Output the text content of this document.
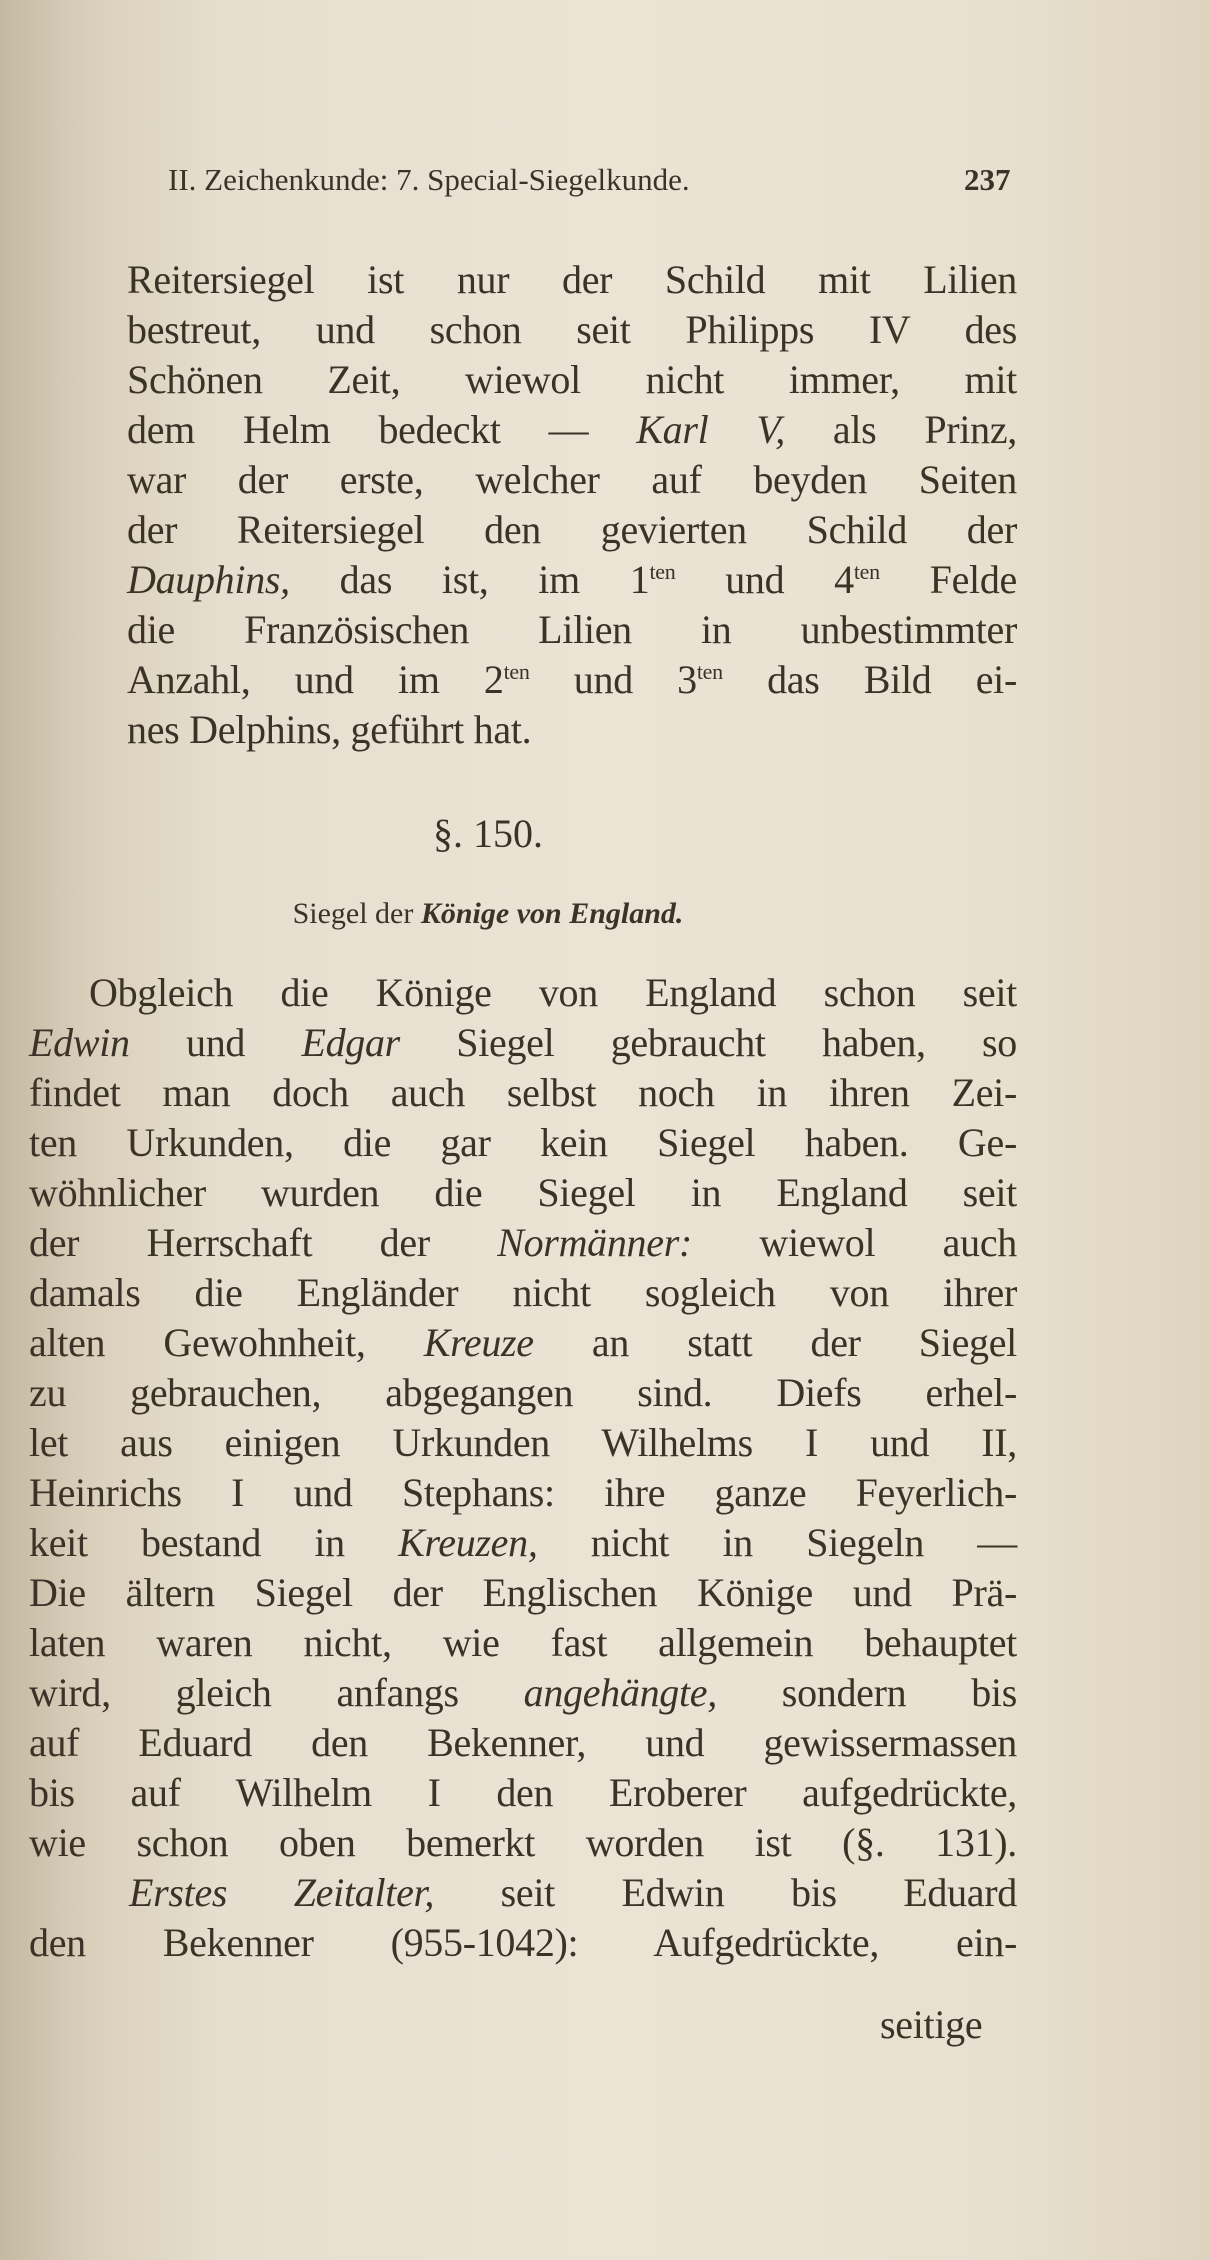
II. Zeichenkunde: 7. Special-Siegelkunde.	237
Reitersiegel ist nur der Schild mit Lilien
bestreut, und schon seit Philipps IV des
Schönen Zeit, wiewol nicht immer, mit
dem Helm bedeckt — Karl V, als Prinz,
war der erste, welcher auf beyden Seiten
der Reitersiegel den gevierten Schild der
Dauphins, das ist, im $1^{ten}$ und $4^{ten}$ Felde
die Französischen Lilien in unbestimmter
Anzahl, und im $2^{ten}$ und $3^{ten}$ das Bild ei-
nes Delphins, geführt hat.
§. 150.
Siegel der Könige von England.
Obgleich die Könige von England schon seit
Edwin und Edgar Siegel gebraucht haben, so
findet man doch auch selbst noch in ihren Zei-
ten Urkunden, die gar kein Siegel haben. Ge-
wöhnlicher wurden die Siegel in England seit
der Herrschaft der Normänner: wiewol auch
damals die Engländer nicht sogleich von ihrer
alten Gewohnheit, Kreuze an statt der Siegel
zu gebrauchen, abgegangen sind. Diefs erhel-
let aus einigen Urkunden Wilhelms I und II,
Heinrichs I und Stephans: ihre ganze Feyerlich-
keit bestand in Kreuzen, nicht in Siegeln —
Die ältern Siegel der Englischen Könige und Prä-
laten waren nicht, wie fast allgemein behauptet
wird, gleich anfangs angehängte, sondern bis
auf Eduard den Bekenner, und gewissermassen
bis auf Wilhelm I den Eroberer aufgedrückte,
wie schon oben bemerkt worden ist (§. 131).
Erstes Zeitalter, seit Edwin bis Eduard
den Bekenner (955-1042): Aufgedrückte, ein-
seitige
